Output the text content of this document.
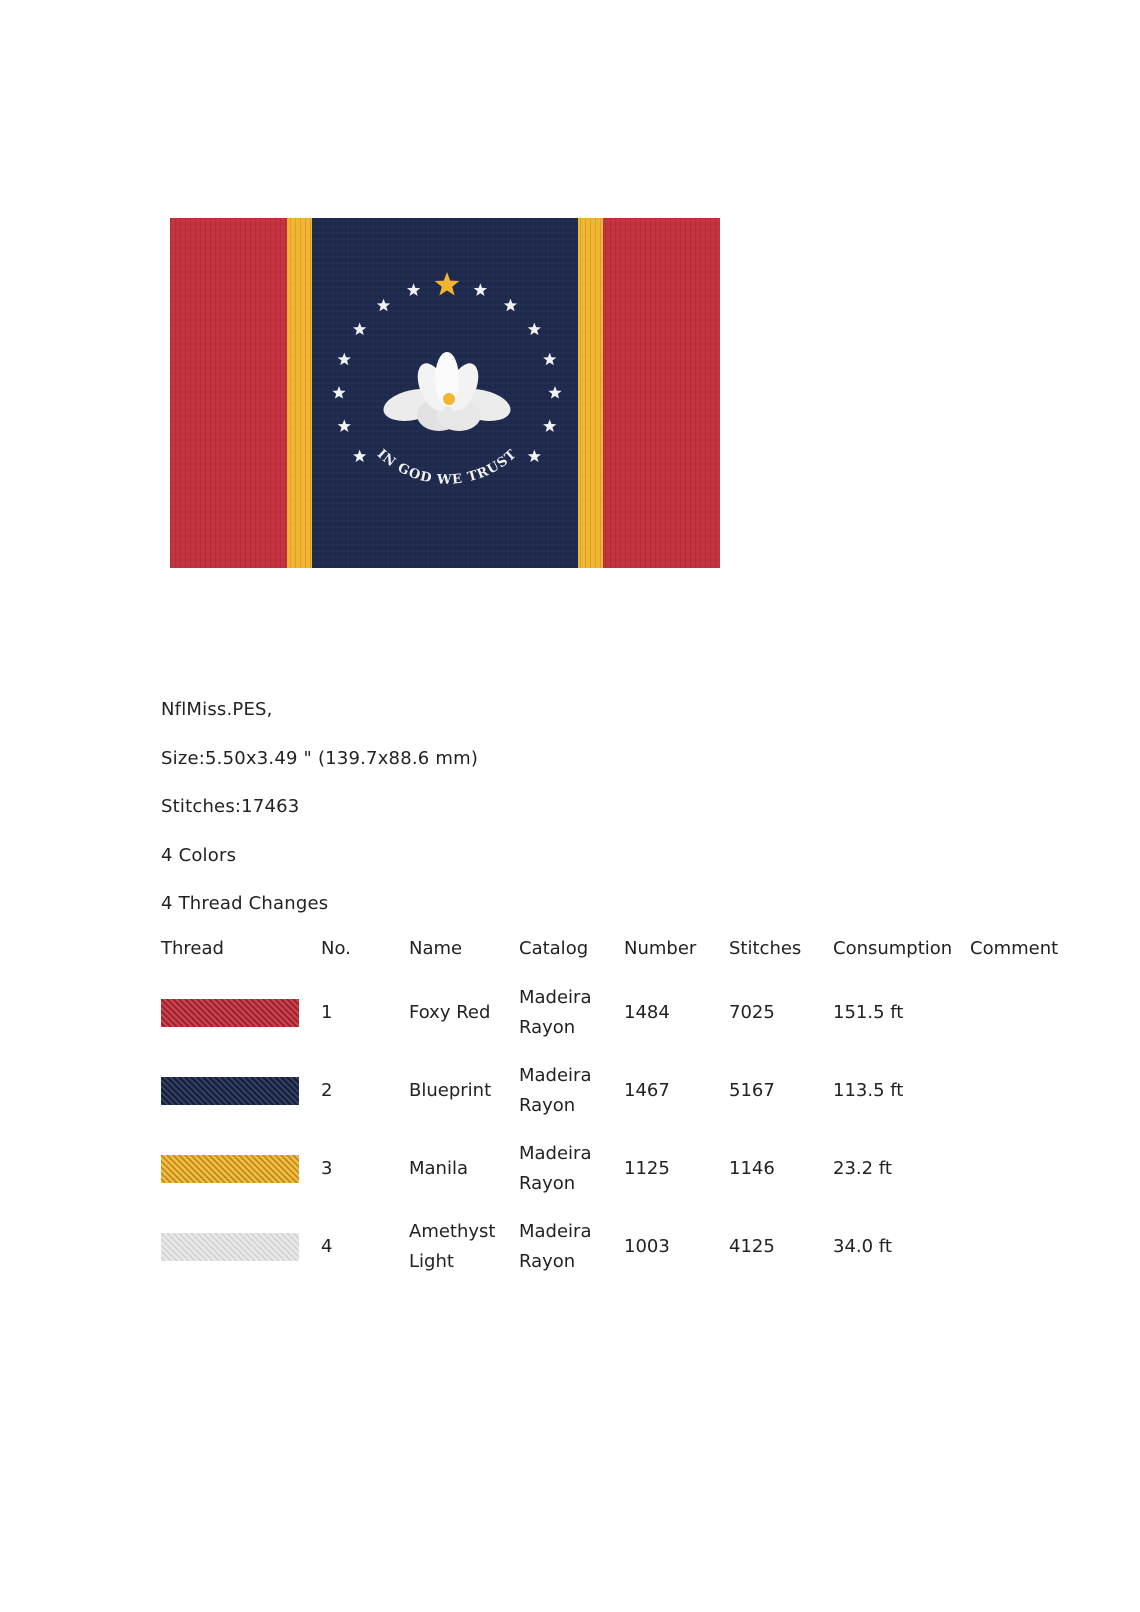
IN GOD WE TRUST
NflMiss.PES,
Size:5.50x3.49 " (139.7x88.6 mm)
Stitches:17463
4 Colors
4 Thread Changes
Thread	No.	Name	Catalog	Number	Stitches	Consumption	Comment

	1	Foxy Red	Madeira Rayon	1484	7025	151.5 ft	

	2	Blueprint	Madeira Rayon	1467	5167	113.5 ft	

	3	Manila	Madeira Rayon	1125	1146	23.2 ft	

	4	Amethyst Light	Madeira Rayon	1003	4125	34.0 ft	
